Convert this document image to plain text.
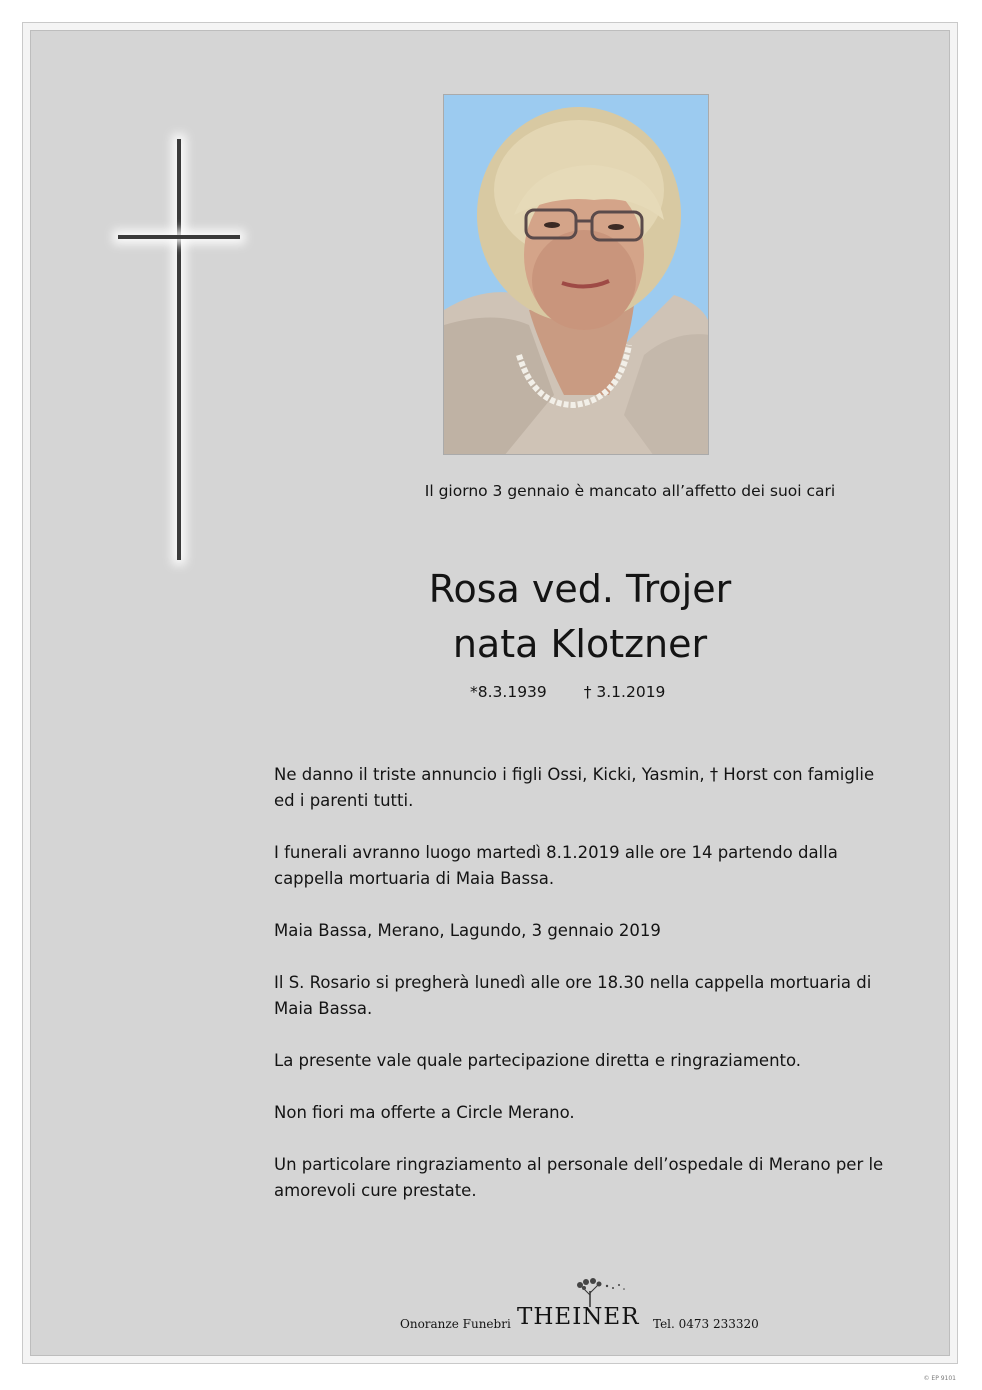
Il giorno 3 gennaio è mancato all’affetto dei suoi cari
Rosa ved. Trojer
nata Klotzner
*8.3.1939 † 3.1.2019

Ne danno il triste annuncio i figli Ossi, Kicki, Yasmin, † Horst con famiglie ed i parenti tutti.

I funerali avranno luogo martedì 8.1.2019 alle ore 14 partendo dalla cappella mortuaria di Maia Bassa.

Maia Bassa, Merano, Lagundo, 3 gennaio 2019

Il S. Rosario si pregherà lunedì alle ore 18.30 nella cappella mortuaria di Maia Bassa.

La presente vale quale partecipazione diretta e ringraziamento.

Non fiori ma offerte a Circle Merano.

Un particolare ringraziamento al personale dell’ospedale di Merano per le amorevoli cure prestate.

Onoranze Funebri THEINER Tel. 0473 233320
© EP 9101
